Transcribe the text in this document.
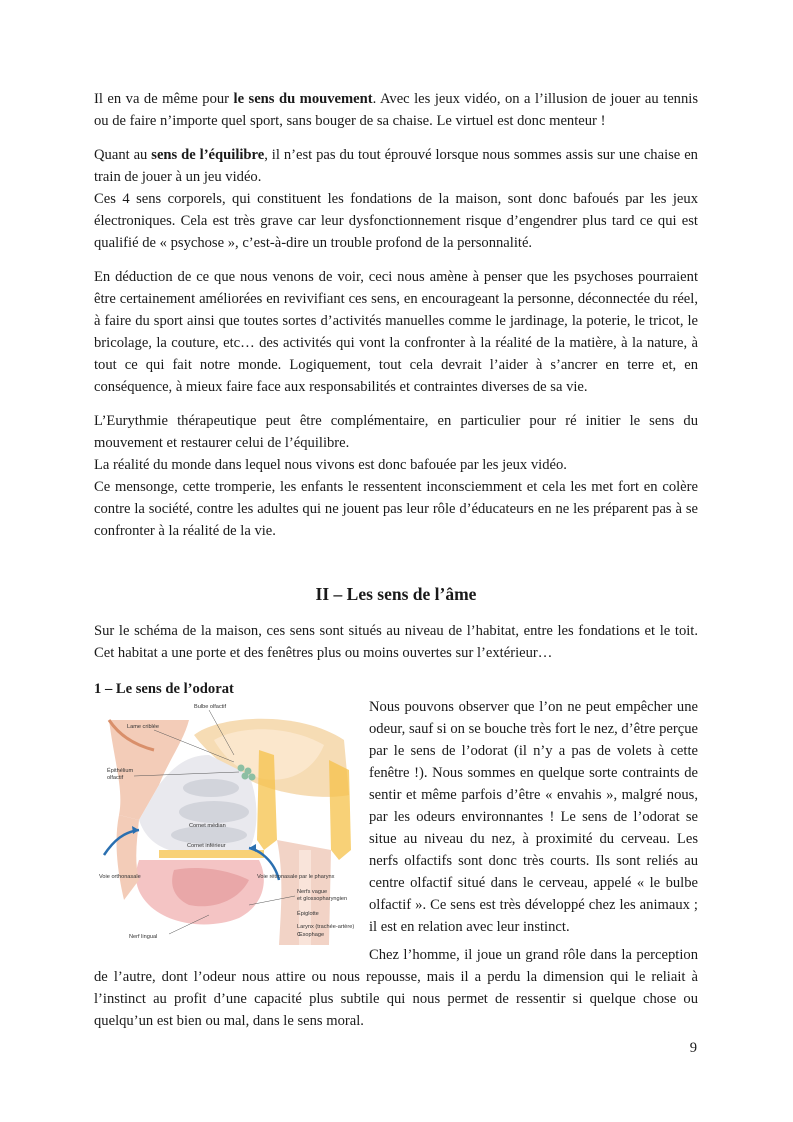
Il en va de même pour le sens du mouvement. Avec les jeux vidéo, on a l’illusion de jouer au tennis ou de faire n’importe quel sport, sans bouger de sa chaise. Le virtuel est donc menteur !

Quant au sens de l’équilibre, il n’est pas du tout éprouvé lorsque nous sommes assis sur une chaise en train de jouer à un jeu vidéo.

Ces 4 sens corporels, qui constituent les fondations de la maison, sont donc bafoués par les jeux électroniques. Cela est très grave car leur dysfonctionnement risque d’engendrer plus tard ce qui est qualifié de « psychose », c’est-à-dire un trouble profond de la personnalité.

En déduction de ce que nous venons de voir, ceci nous amène à penser que les psychoses pourraient être certainement améliorées en revivifiant ces sens, en encourageant la personne, déconnectée du réel, à faire du sport ainsi que toutes sortes d’activités manuelles comme le jardinage, la poterie, le tricot, le bricolage, la couture, etc… des activités qui vont la confronter à la réalité de la matière, à la nature, à tout ce qui fait notre monde. Logiquement, tout cela devrait l’aider à s’ancrer en terre et, en conséquence, à mieux faire face aux responsabilités et contraintes diverses de sa vie.

L’Eurythmie thérapeutique peut être complémentaire, en particulier pour ré initier le sens du mouvement et restaurer celui de l’équilibre.

La réalité du monde dans lequel nous vivons est donc bafouée par les jeux vidéo.

Ce mensonge, cette tromperie, les enfants le ressentent inconsciemment et cela les met fort en colère contre la société, contre les adultes qui ne jouent pas leur rôle d’éducateurs en ne les préparent pas à se confronter à la réalité de la vie.

II – Les sens de l’âme

Sur le schéma de la maison, ces sens sont situés au niveau de l’habitat, entre les fondations et le toit. Cet habitat a une porte et des fenêtres plus ou moins ouvertes sur l’extérieur…

1 – Le sens de l’odorat
Bulbe olfactif
Lame criblée
Épithélium
olfactif
Cornet médian
Cornet inférieur
Voie orthonasale	Voie rétronasale par le pharynx
Nerfs vague
et glossopharyngien
Épiglotte
Larynx (trachée-artère)
Œsophage
Nerf lingual

Nous pouvons observer que l’on ne peut empêcher une odeur, sauf si on se bouche très fort le nez, d’être perçue par le sens de l’odorat (il n’y a pas de volets à cette fenêtre !). Nous sommes en quelque sorte contraints de sentir et même parfois d’être « envahis », malgré nous, par les odeurs environnantes ! Le sens de l’odorat se situe au niveau du nez, à proximité du cerveau. Les nerfs olfactifs sont donc très courts. Ils sont reliés au centre olfactif situé dans le cerveau, appelé « le bulbe olfactif ». Ce sens est très développé chez les animaux ; il est en relation avec leur instinct.

Chez l’homme, il joue un grand rôle dans la perception de l’autre, dont l’odeur nous attire ou nous repousse, mais il a perdu la dimension qui le reliait à l’instinct au profit d’une capacité plus subtile qui nous permet de ressentir si quelque chose ou quelqu’un est bien ou mal, dans le sens moral.

9
